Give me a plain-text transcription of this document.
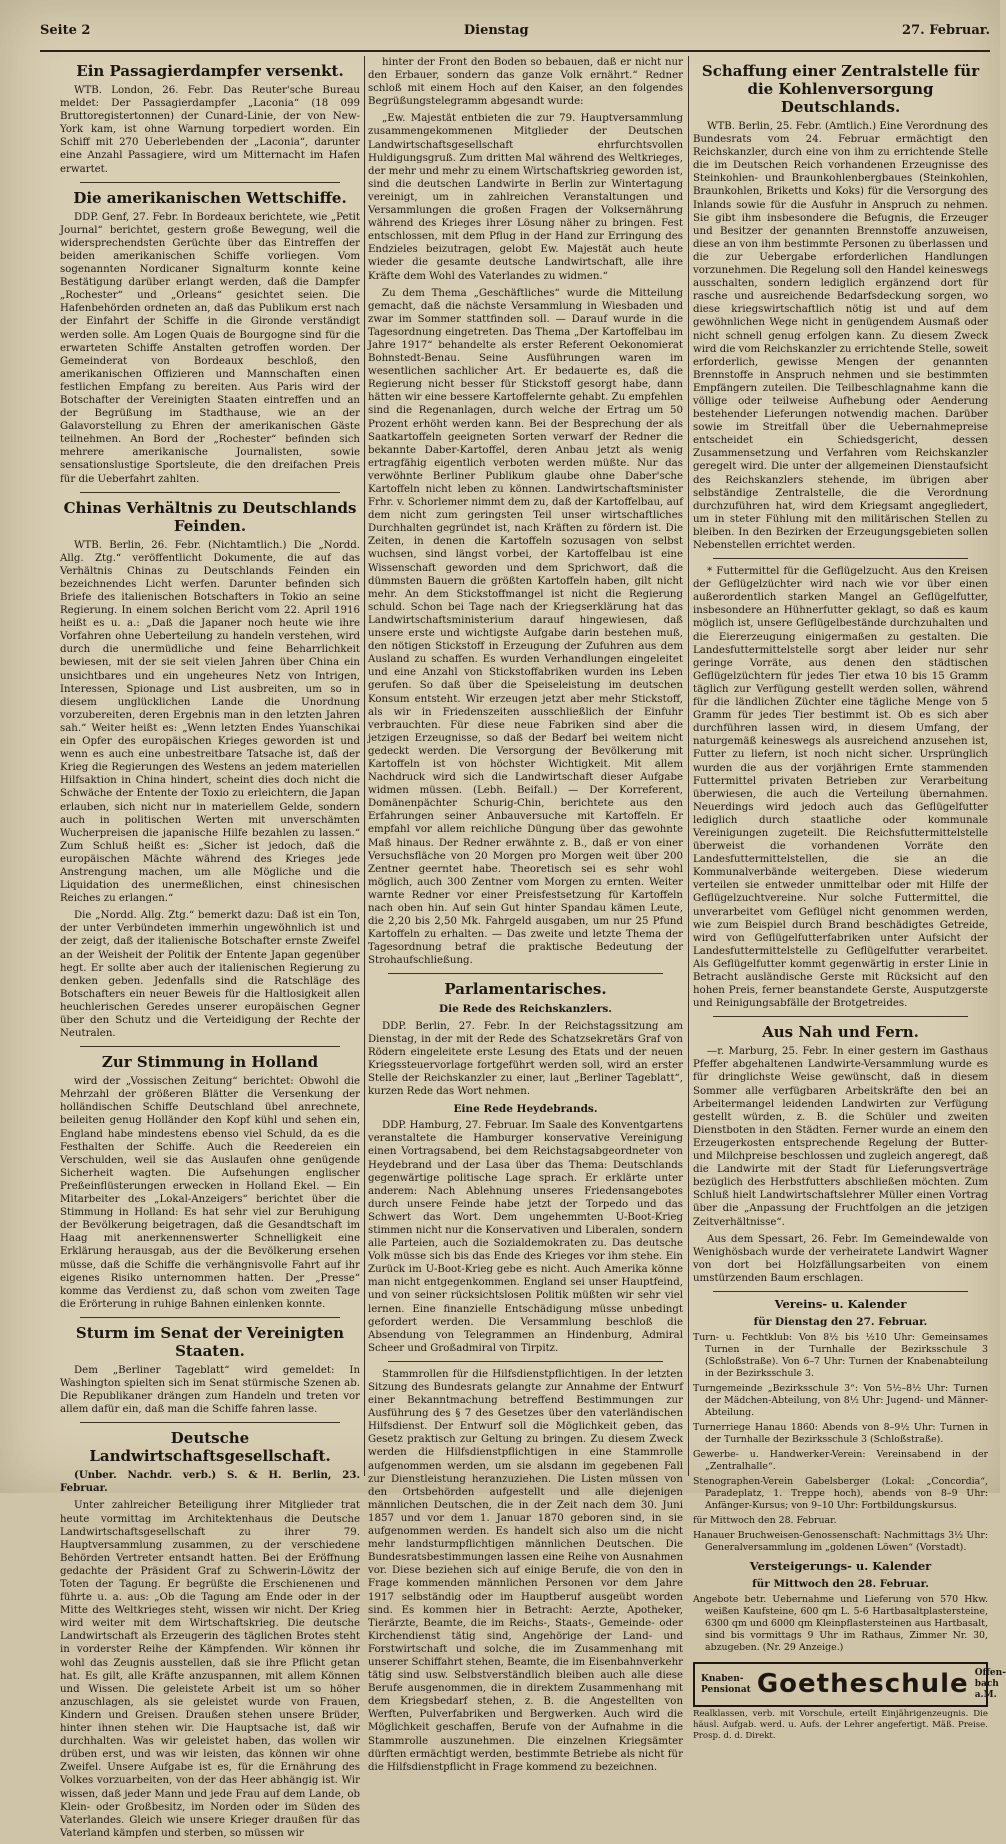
Seite 2	Dienstag	27. Februar.
Ein Passagierdampfer versenkt.

WTB. London, 26. Febr. Das Reuter'sche Bureau meldet: Der Passagierdampfer „Laconia“ (18 099 Bruttoregistertonnen) der Cunard-Linie, der von New-York kam, ist ohne Warnung torpediert worden. Ein Schiff mit 270 Ueberlebenden der „Laconia“, darunter eine Anzahl Passagiere, wird um Mitternacht im Hafen erwartet.

Die amerikanischen Wettschiffe.

DDP. Genf, 27. Febr. In Bordeaux berichtete, wie „Petit Journal“ berichtet, gestern große Bewegung, weil die widersprechendsten Gerüchte über das Eintreffen der beiden amerikanischen Schiffe vorliegen. Vom sogenannten Nordicaner Signalturm konnte keine Bestätigung darüber erlangt werden, daß die Dampfer „Rochester“ und „Orleans“ gesichtet seien. Die Hafenbehörden ordneten an, daß das Publikum erst nach der Einfahrt der Schiffe in die Gironde verständigt werden solle. Am Logen Quais de Bourgogne sind für die erwarteten Schiffe Anstalten getroffen worden. Der Gemeinderat von Bordeaux beschloß, den amerikanischen Offizieren und Mannschaften einen festlichen Empfang zu bereiten. Aus Paris wird der Botschafter der Vereinigten Staaten eintreffen und an der Begrüßung im Stadthause, wie an der Galavorstellung zu Ehren der amerikanischen Gäste teilnehmen. An Bord der „Rochester“ befinden sich mehrere amerikanische Journalisten, sowie sensationslustige Sportsleute, die den dreifachen Preis für die Ueberfahrt zahlten.

Chinas Verhältnis zu Deutschlands Feinden.

WTB. Berlin, 26. Febr. (Nichtamtlich.) Die „Nordd. Allg. Ztg.“ veröffentlicht Dokumente, die auf das Verhältnis Chinas zu Deutschlands Feinden ein bezeichnendes Licht werfen. Darunter befinden sich Briefe des italienischen Botschafters in Tokio an seine Regierung. In einem solchen Bericht vom 22. April 1916 heißt es u. a.: „Daß die Japaner noch heute wie ihre Vorfahren ohne Ueberteilung zu handeln verstehen, wird durch die unermüdliche und feine Beharrlichkeit bewiesen, mit der sie seit vielen Jahren über China ein unsichtbares und ein ungeheures Netz von Intrigen, Interessen, Spionage und List ausbreiten, um so in diesem unglücklichen Lande die Unordnung vorzubereiten, deren Ergebnis man in den letzten Jahren sah.“ Weiter heißt es: „Wenn letzten Endes Yuanschikai ein Opfer des europäischen Krieges geworden ist und wenn es auch eine unbestreitbare Tatsache ist, daß der Krieg die Regierungen des Westens an jedem materiellen Hilfsaktion in China hindert, scheint dies doch nicht die Schwäche der Entente der Toxio zu erleichtern, die Japan erlauben, sich nicht nur in materiellem Gelde, sondern auch in politischen Werten mit unverschämten Wucherpreisen die japanische Hilfe bezahlen zu lassen.“ Zum Schluß heißt es: „Sicher ist jedoch, daß die europäischen Mächte während des Krieges jede Anstrengung machen, um alle Mögliche und die Liquidation des unermeßlichen, einst chinesischen Reiches zu erlangen.“

Die „Nordd. Allg. Ztg.“ bemerkt dazu: Daß ist ein Ton, der unter Verbündeten immerhin ungewöhnlich ist und der zeigt, daß der italienische Botschafter ernste Zweifel an der Weisheit der Politik der Entente Japan gegenüber hegt. Er sollte aber auch der italienischen Regierung zu denken geben. Jedenfalls sind die Ratschläge des Botschafters ein neuer Beweis für die Haltlosigkeit allen heuchlerischen Geredes unserer europäischen Gegner über den Schutz und die Verteidigung der Rechte der Neutralen.

Zur Stimmung in Holland

wird der „Vossischen Zeitung“ berichtet: Obwohl die Mehrzahl der größeren Blätter die Versenkung der holländischen Schiffe Deutschland übel anrechnete, beileiten genug Holländer den Kopf kühl und sehen ein, England habe mindestens ebenso viel Schuld, da es die Festhalten der Schiffe. Auch die Reedereien ein Verschulden, weil sie das Auslaufen ohne genügende Sicherheit wagten. Die Aufsehungen englischer Preßeinflüsterungen erwecken in Holland Ekel. — Ein Mitarbeiter des „Lokal-Anzeigers“ berichtet über die Stimmung in Holland: Es hat sehr viel zur Beruhigung der Bevölkerung beigetragen, daß die Gesandtschaft im Haag mit anerkennenswerter Schnelligkeit eine Erklärung herausgab, aus der die Bevölkerung ersehen müsse, daß die Schiffe die verhängnisvolle Fahrt auf ihr eigenes Risiko unternommen hatten. Der „Presse“ komme das Verdienst zu, daß schon vom zweiten Tage die Erörterung in ruhige Bahnen einlenken konnte.

Sturm im Senat der Vereinigten Staaten.

Dem „Berliner Tageblatt“ wird gemeldet: In Washington spielten sich im Senat stürmische Szenen ab. Die Republikaner drängen zum Handeln und treten vor allem dafür ein, daß man die Schiffe fahren lasse.

Deutsche Landwirtschaftsgesellschaft.

(Unber. Nachdr. verb.) S. & H. Berlin, 23. Februar.

Unter zahlreicher Beteiligung ihrer Mitglieder trat heute vormittag im Architektenhaus die Deutsche Landwirtschaftsgesellschaft zu ihrer 79. Hauptversammlung zusammen, zu der verschiedene Behörden Vertreter entsandt hatten. Bei der Eröffnung gedachte der Präsident Graf zu Schwerin-Löwitz der Toten der Tagung. Er begrüßte die Erschienenen und führte u. a. aus: „Ob die Tagung am Ende oder in der Mitte des Weltkrieges steht, wissen wir nicht. Der Krieg wird weiter mit dem Wirtschaftskrieg. Die deutsche Landwirtschaft als Erzeugerin des täglichen Brotes steht in vorderster Reihe der Kämpfenden. Wir können ihr wohl das Zeugnis ausstellen, daß sie ihre Pflicht getan hat. Es gilt, alle Kräfte anzuspannen, mit allem Können und Wissen. Die geleistete Arbeit ist um so höher anzuschlagen, als sie geleistet wurde von Frauen, Kindern und Greisen. Draußen stehen unsere Brüder, hinter ihnen stehen wir. Die Hauptsache ist, daß wir durchhalten. Was wir geleistet haben, das wollen wir drüben erst, und was wir leisten, das können wir ohne Zweifel. Unsere Aufgabe ist es, für die Ernährung des Volkes vorzuarbeiten, von der das Heer abhängig ist. Wir wissen, daß jeder Mann und jede Frau auf dem Lande, ob Klein- oder Großbesitz, im Norden oder im Süden des Vaterlandes. Gleich wie unsere Krieger draußen für das Vaterland kämpfen und sterben, so müssen wir

hinter der Front den Boden so bebauen, daß er nicht nur den Erbauer, sondern das ganze Volk ernährt.“ Redner schloß mit einem Hoch auf den Kaiser, an den folgendes Begrüßungstelegramm abgesandt wurde:

„Ew. Majestät entbieten die zur 79. Hauptversammlung zusammengekommenen Mitglieder der Deutschen Landwirtschaftsgesellschaft ehrfurchtsvollen Huldigungsgruß. Zum dritten Mal während des Weltkrieges, der mehr und mehr zu einem Wirtschaftskrieg geworden ist, sind die deutschen Landwirte in Berlin zur Wintertagung vereinigt, um in zahlreichen Veranstaltungen und Versammlungen die großen Fragen der Volksernährung während des Krieges ihrer Lösung näher zu bringen. Fest entschlossen, mit dem Pflug in der Hand zur Erringung des Endzieles beizutragen, gelobt Ew. Majestät auch heute wieder die gesamte deutsche Landwirtschaft, alle ihre Kräfte dem Wohl des Vaterlandes zu widmen.“

Zu dem Thema „Geschäftliches“ wurde die Mitteilung gemacht, daß die nächste Versammlung in Wiesbaden und zwar im Sommer stattfinden soll. — Darauf wurde in die Tagesordnung eingetreten. Das Thema „Der Kartoffelbau im Jahre 1917“ behandelte als erster Referent Oekonomierat Bohnstedt-Benau. Seine Ausführungen waren im wesentlichen sachlicher Art. Er bedauerte es, daß die Regierung nicht besser für Stickstoff gesorgt habe, dann hätten wir eine bessere Kartoffelernte gehabt. Zu empfehlen sind die Regenanlagen, durch welche der Ertrag um 50 Prozent erhöht werden kann. Bei der Besprechung der als Saatkartoffeln geeigneten Sorten verwarf der Redner die bekannte Daber-Kartoffel, deren Anbau jetzt als wenig ertragfähig eigentlich verboten werden müßte. Nur das verwöhnte Berliner Publikum glaube ohne Daber'sche Kartoffeln nicht leben zu können. Landwirtschaftsminister Frhr. v. Schorlemer nimmt dem zu, daß der Kartoffelbau, auf dem nicht zum geringsten Teil unser wirtschaftliches Durchhalten gegründet ist, nach Kräften zu fördern ist. Die Zeiten, in denen die Kartoffeln sozusagen von selbst wuchsen, sind längst vorbei, der Kartoffelbau ist eine Wissenschaft geworden und dem Sprichwort, daß die dümmsten Bauern die größten Kartoffeln haben, gilt nicht mehr. An dem Stickstoffmangel ist nicht die Regierung schuld. Schon bei Tage nach der Kriegserklärung hat das Landwirtschaftsministerium darauf hingewiesen, daß unsere erste und wichtigste Aufgabe darin bestehen muß, den nötigen Stickstoff in Erzeugung der Zufuhren aus dem Ausland zu schaffen. Es wurden Verhandlungen eingeleitet und eine Anzahl von Stickstoffabriken wurden ins Leben gerufen. So daß über die Speiseleistung im deutschen Konsum entsteht. Wir erzeugen jetzt aber mehr Stickstoff, als wir in Friedenszeiten ausschließlich der Einfuhr verbrauchten. Für diese neue Fabriken sind aber die jetzigen Erzeugnisse, so daß der Bedarf bei weitem nicht gedeckt werden. Die Versorgung der Bevölkerung mit Kartoffeln ist von höchster Wichtigkeit. Mit allem Nachdruck wird sich die Landwirtschaft dieser Aufgabe widmen müssen. (Lebh. Beifall.) — Der Korreferent, Domänenpächter Schurig-Chin, berichtete aus den Erfahrungen seiner Anbauversuche mit Kartoffeln. Er empfahl vor allem reichliche Düngung über das gewohnte Maß hinaus. Der Redner erwähnte z. B., daß er von einer Versuchsfläche von 20 Morgen pro Morgen weit über 200 Zentner geerntet habe. Theoretisch sei es sehr wohl möglich, auch 300 Zentner vom Morgen zu ernten. Weiter warnte Redner vor einer Preisfestsetzung für Kartoffeln nach oben hin. Auf sein Gut hinter Spandau kämen Leute, die 2,20 bis 2,50 Mk. Fahrgeld ausgaben, um nur 25 Pfund Kartoffeln zu erhalten. — Das zweite und letzte Thema der Tagesordnung betraf die praktische Bedeutung der Strohaufschließung.

Parlamentarisches.
Die Rede des Reichskanzlers.

DDP. Berlin, 27. Febr. In der Reichstagssitzung am Dienstag, in der mit der Rede des Schatzsekretärs Graf von Rödern eingeleitete erste Lesung des Etats und der neuen Kriegssteuervorlage fortgeführt werden soll, wird an erster Stelle der Reichskanzler zu einer, laut „Berliner Tageblatt“, kurzen Rede das Wort nehmen.

Eine Rede Heydebrands.

DDP. Hamburg, 27. Februar. Im Saale des Konventgartens veranstaltete die Hamburger konservative Vereinigung einen Vortragsabend, bei dem Reichstagsabgeordneter von Heydebrand und der Lasa über das Thema: Deutschlands gegenwärtige politische Lage sprach. Er erklärte unter anderem: Nach Ablehnung unseres Friedensangebotes durch unsere Feinde habe jetzt der Torpedo und das Schwert das Wort. Dem ungehemmten U-Boot-Krieg stimmen nicht nur die Konservativen und Liberalen, sondern alle Parteien, auch die Sozialdemokraten zu. Das deutsche Volk müsse sich bis das Ende des Krieges vor ihm stehe. Ein Zurück im U-Boot-Krieg gebe es nicht. Auch Amerika könne man nicht entgegenkommen. England sei unser Hauptfeind, und von seiner rücksichtslosen Politik müßten wir sehr viel lernen. Eine finanzielle Entschädigung müsse unbedingt gefordert werden. Die Versammlung beschloß die Absendung von Telegrammen an Hindenburg, Admiral Scheer und Großadmiral von Tirpitz.

Stammrollen für die Hilfsdienstpflichtigen. In der letzten Sitzung des Bundesrats gelangte zur Annahme der Entwurf einer Bekanntmachung betreffend Bestimmungen zur Ausführung des § 7 des Gesetzes über den vaterländischen Hilfsdienst. Der Entwurf soll die Möglichkeit geben, das Gesetz praktisch zur Geltung zu bringen. Zu diesem Zweck werden die Hilfsdienstpflichtigen in eine Stammrolle aufgenommen werden, um sie alsdann im gegebenen Fall zur Dienstleistung heranzuziehen. Die Listen müssen von den Ortsbehörden aufgestellt und alle diejenigen männlichen Deutschen, die in der Zeit nach dem 30. Juni 1857 und vor dem 1. Januar 1870 geboren sind, in sie aufgenommen werden. Es handelt sich also um die nicht mehr landsturmpflichtigen männlichen Deutschen. Die Bundesratsbestimmungen lassen eine Reihe von Ausnahmen vor. Diese beziehen sich auf einige Berufe, die von den in Frage kommenden männlichen Personen vor dem Jahre 1917 selbständig oder im Hauptberuf ausgeübt worden sind. Es kommen hier in Betracht: Aerzte, Apotheker, Tierärzte, Beamte, die im Reichs-, Staats-, Gemeinde- oder Kirchendienst tätig sind, Angehörige der Land- und Forstwirtschaft und solche, die im Zusammenhang mit unserer Schiffahrt stehen, Beamte, die im Eisenbahnverkehr tätig sind usw. Selbstverständlich bleiben auch alle diese Berufe ausgenommen, die in direktem Zusammenhang mit dem Kriegsbedarf stehen, z. B. die Angestellten von Werften, Pulverfabriken und Bergwerken. Auch wird die Möglichkeit geschaffen, Berufe von der Aufnahme in die Stammrolle auszunehmen. Die einzelnen Kriegsämter dürften ermächtigt werden, bestimmte Betriebe als nicht für die Hilfsdienstpflicht in Frage kommend zu bezeichnen.

Schaffung einer Zentralstelle für die Kohlenversorgung Deutschlands.

WTB. Berlin, 25. Febr. (Amtlich.) Eine Verordnung des Bundesrats vom 24. Februar ermächtigt den Reichskanzler, durch eine von ihm zu errichtende Stelle die im Deutschen Reich vorhandenen Erzeugnisse des Steinkohlen- und Braunkohlenbergbaues (Steinkohlen, Braunkohlen, Briketts und Koks) für die Versorgung des Inlands sowie für die Ausfuhr in Anspruch zu nehmen. Sie gibt ihm insbesondere die Befugnis, die Erzeuger und Besitzer der genannten Brennstoffe anzuweisen, diese an von ihm bestimmte Personen zu überlassen und die zur Uebergabe erforderlichen Handlungen vorzunehmen. Die Regelung soll den Handel keineswegs ausschalten, sondern lediglich ergänzend dort für rasche und ausreichende Bedarfsdeckung sorgen, wo diese kriegswirtschaftlich nötig ist und auf dem gewöhnlichen Wege nicht in genügendem Ausmaß oder nicht schnell genug erfolgen kann. Zu diesem Zweck wird die vom Reichskanzler zu errichtende Stelle, soweit erforderlich, gewisse Mengen der genannten Brennstoffe in Anspruch nehmen und sie bestimmten Empfängern zuteilen. Die Teilbeschlagnahme kann die völlige oder teilweise Aufhebung oder Aenderung bestehender Lieferungen notwendig machen. Darüber sowie im Streitfall über die Uebernahmepreise entscheidet ein Schiedsgericht, dessen Zusammensetzung und Verfahren vom Reichskanzler geregelt wird. Die unter der allgemeinen Dienstaufsicht des Reichskanzlers stehende, im übrigen aber selbständige Zentralstelle, die die Verordnung durchzuführen hat, wird dem Kriegsamt angegliedert, um in steter Fühlung mit den militärischen Stellen zu bleiben. In den Bezirken der Erzeugungsgebieten sollen Nebenstellen errichtet werden.

* Futtermittel für die Geflügelzucht. Aus den Kreisen der Geflügelzüchter wird nach wie vor über einen außerordentlich starken Mangel an Geflügelfutter, insbesondere an Hühnerfutter geklagt, so daß es kaum möglich ist, unsere Geflügelbestände durchzuhalten und die Eiererzeugung einigermaßen zu gestalten. Die Landesfuttermittelstelle sorgt aber leider nur sehr geringe Vorräte, aus denen den städtischen Geflügelzüchtern für jedes Tier etwa 10 bis 15 Gramm täglich zur Verfügung gestellt werden sollen, während für die ländlichen Züchter eine tägliche Menge von 5 Gramm für jedes Tier bestimmt ist. Ob es sich aber durchführen lassen wird, in diesem Umfang, der naturgemäß keineswegs als ausreichend anzusehen ist, Futter zu liefern, ist noch nicht sicher. Ursprünglich wurden die aus der vorjährigen Ernte stammenden Futtermittel privaten Betrieben zur Verarbeitung überwiesen, die auch die Verteilung übernahmen. Neuerdings wird jedoch auch das Geflügelfutter lediglich durch staatliche oder kommunale Vereinigungen zugeteilt. Die Reichsfuttermittelstelle überweist die vorhandenen Vorräte den Landesfuttermittelstellen, die sie an die Kommunalverbände weitergeben. Diese wiederum verteilen sie entweder unmittelbar oder mit Hilfe der Geflügelzuchtvereine. Nur solche Futtermittel, die unverarbeitet vom Geflügel nicht genommen werden, wie zum Beispiel durch Brand beschädigtes Getreide, wird von Geflügelfutterfabriken unter Aufsicht der Landesfuttermittelstelle zu Geflügelfutter verarbeitet. Als Geflügelfutter kommt gegenwärtig in erster Linie in Betracht ausländische Gerste mit Rücksicht auf den hohen Preis, ferner beanstandete Gerste, Ausputzgerste und Reinigungsabfälle der Brotgetreides.

Aus Nah und Fern.

—r. Marburg, 25. Febr. In einer gestern im Gasthaus Pfeffer abgehaltenen Landwirte-Versammlung wurde es für dringlichste Weise gewünscht, daß in diesem Sommer alle verfügbaren Arbeitskräfte den bei an Arbeitermangel leidenden Landwirten zur Verfügung gestellt würden, z. B. die Schüler und zweiten Dienstboten in den Städten. Ferner wurde an einem den Erzeugerkosten entsprechende Regelung der Butter- und Milchpreise beschlossen und zugleich angeregt, daß die Landwirte mit der Stadt für Lieferungsverträge bezüglich des Herbstfutters abschließen möchten. Zum Schluß hielt Landwirtschaftslehrer Müller einen Vortrag über die „Anpassung der Fruchtfolgen an die jetzigen Zeitverhältnisse“.

Aus dem Spessart, 26. Febr. Im Gemeindewalde von Wenighösbach wurde der verheiratete Landwirt Wagner von dort bei Holzfällungsarbeiten von einem umstürzenden Baum erschlagen.

Vereins- u. Kalender
für Dienstag den 27. Februar.

Turn- u. Fechtklub: Von 8½ bis ½10 Uhr: Gemeinsames Turnen in der Turnhalle der Bezirksschule 3 (Schloßstraße). Von 6–7 Uhr: Turnen der Knabenabteilung in der Bezirksschule 3.

Turngemeinde „Bezirksschule 3“: Von 5½–8½ Uhr: Turnen der Mädchen-Abteilung, von 8½ Uhr: Jugend- und Männer-Abteilung.

Turnerriege Hanau 1860: Abends von 8–9½ Uhr: Turnen in der Turnhalle der Bezirksschule 3 (Schloßstraße).

Gewerbe- u. Handwerker-Verein: Vereinsabend in der „Zentralhalle“.

Stenographen-Verein Gabelsberger (Lokal: „Concordia“, Paradeplatz, 1. Treppe hoch), abends von 8–9 Uhr: Anfänger-Kursus; von 9–10 Uhr: Fortbildungskursus.

für Mittwoch den 28. Februar.

Hanauer Bruchweisen-Genossenschaft: Nachmittags 3½ Uhr: Generalversammlung im „goldenen Löwen“ (Vorstadt).

Versteigerungs- u. Kalender
für Mittwoch den 28. Februar.

Angebote betr. Uebernahme und Lieferung von 570 Hkw. weißen Kaufsteine, 600 qm L. 5-6 Hartbasaltplastersteine, 6300 qm und 6000 qm Kleinpflastersteinen aus Hartbasalt, sind bis vormittags 9 Uhr im Rathaus, Zimmer Nr. 30, abzugeben. (Nr. 29 Anzeige.)

Knaben-
Pensionat Goetheschule Offen-
bach a.M.
Realklassen, verb. mit Vorschule, erteilt Einjährigenzeugnis. Die häusl. Aufgab. werd. u. Aufs. der Lehrer angefertigt. Mäß. Preise. Prosp. d. d. Direkt.
